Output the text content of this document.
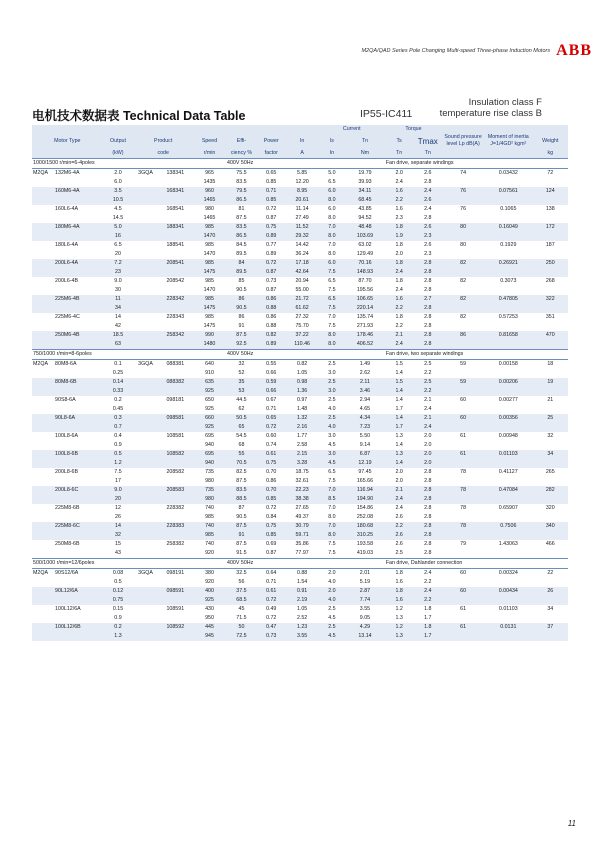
M2QA/QAD Series Pole Changing Multi-speed Three-phase Induction Motors ABB
电机技术数据表 Technical Data Table	IP55-IC411
Insulation class F
temperature rise class B
									Current		Torque				
Motor Type		Output	Product		Speed	Effi-	Power	In	Is	Tn	Ts	Tmax	Sound pressure level Lp dB(A)	Moment of inertia J=1/4GD² kgm²	Weight
		(kW)	code		r/min	ciency %	factor	A	In	Nm	Tn	Tn			kg
1000/1500 r/min=6-4poles						400V 50Hz					Fan drive, separate windings				
M2QA	132M6-4A	2.0	3GQA	138341	965	75.5	0.65	5.85	5.0	19.79	2.0	2.6	74	0.03432	72
		6.0			1435	83.5	0.85	12.20	6.5	39.93	2.4	2.8			
	160M6-4A	3.5		168341	960	79.5	0.71	8.95	6.0	34.11	1.6	2.4	76	0.07561	124
		10.5			1465	86.5	0.85	20.61	8.0	68.45	2.2	2.6			
	160L6-4A	4.5		168541	980	81	0.72	11.14	6.0	43.85	1.6	2.4	76	0.1065	138
		14.5			1465	87.5	0.87	27.49	8.0	94.52	2.3	2.8			
	180M6-4A	5.0		188341	985	83.5	0.75	11.52	7.0	48.48	1.8	2.6	80	0.16049	172
		16			1470	86.5	0.89	29.32	8.0	103.69	1.9	2.3			
	180L6-4A	6.5		188541	985	84.5	0.77	14.42	7.0	63.02	1.8	2.6	80	0.1929	187
		20			1470	89.5	0.89	36.24	8.0	129.49	2.0	2.3			
	200L6-4A	7.2		208541	985	84	0.72	17.18	6.0	70.16	1.8	2.8	82	0.26921	250
		23			1475	89.5	0.87	42.64	7.5	148.93	2.4	2.8			
	200L6-4B	9.0		208542	985	85	0.73	20.94	6.5	87.70	1.8	2.8	82	0.3073	268
		30			1470	90.5	0.87	55.00	7.5	195.56	2.4	2.8			
	225M6-4B	11		228342	985	86	0.86	21.72	6.5	106.65	1.6	2.7	82	0.47805	322
		34			1475	90.5	0.88	61.62	7.5	220.14	2.2	2.8			
	225M6-4C	14		228343	985	86	0.86	27.32	7.0	135.74	1.8	2.8	82	0.57253	351
		42			1475	91	0.88	75.70	7.5	271.93	2.2	2.8			
	250M6-4B	18.5		258342	990	87.5	0.82	37.22	8.0	178.46	2.1	2.8	86	0.81658	470
		63			1480	92.5	0.89	110.46	8.0	406.52	2.4	2.8			
750/1000 r/min=8-6poles						400V 50Hz					Fan drive, two separate windings				
M2QA	80M8-6A	0.1	3GQA	088381	640	32	0.55	0.82	2.5	1.49	1.5	2.5	59	0.00158	18
		0.25			910	52	0.66	1.05	3.0	2.62	1.4	2.2			
	80M8-6B	0.14		088382	635	35	0.59	0.98	2.5	2.11	1.5	2.5	59	0.00206	19
		0.33			925	53	0.66	1.36	3.0	3.46	1.4	2.2			
	90S8-6A	0.2		098181	650	44.5	0.67	0.97	2.5	2.94	1.4	2.1	60	0.00277	21
		0.45			925	62	0.71	1.48	4.0	4.65	1.7	2.4			
	90L8-6A	0.3		098581	660	50.5	0.65	1.32	2.5	4.34	1.4	2.1	60	0.00356	25
		0.7			925	65	0.72	2.16	4.0	7.23	1.7	2.4			
	100L8-6A	0.4		108581	695	54.5	0.60	1.77	3.0	5.50	1.3	2.0	61	0.00948	32
		0.9			940	68	0.74	2.58	4.5	9.14	1.4	2.0			
	100L8-6B	0.5		108582	695	55	0.61	2.15	3.0	6.87	1.3	2.0	61	0.01103	34
		1.2			940	70.5	0.75	3.28	4.5	12.19	1.4	2.0			
	200L8-6B	7.5		208582	735	82.5	0.70	18.75	6.5	97.45	2.0	2.8	78	0.41127	265
		17			980	87.5	0.86	32.61	7.5	165.66	2.0	2.8			
	200L8-6C	9.0		208583	735	83.5	0.70	22.23	7.0	116.94	2.1	2.8	78	0.47084	282
		20			980	88.5	0.85	38.38	8.5	194.90	2.4	2.8			
	225M8-6B	12		228382	740	87	0.72	27.65	7.0	154.86	2.4	2.8	78	0.65907	320
		26			985	90.5	0.84	49.37	8.0	252.08	2.6	2.8			
	225M8-6C	14		228383	740	87.5	0.75	30.79	7.0	180.68	2.2	2.8	78	0.7506	340
		32			985	91	0.85	59.71	8.0	310.25	2.6	2.8			
	250M8-6B	15		258382	740	87.5	0.69	35.86	7.5	193.58	2.6	2.8	79	1.43063	466
		43			920	91.5	0.87	77.97	7.5	419.03	2.5	2.8			
500/1000 r/min=12/6poles						400V 50Hz					Fan drive, Dahlander connection				
M2QA	90S12/6A	0.08	3GQA	098191	380	32.5	0.64	0.88	2.0	2.01	1.8	2.4	60	0.00324	22
		0.5			920	56	0.71	1.54	4.0	5.19	1.6	2.2			
	90L12/6A	0.12		098591	400	37.5	0.61	0.91	2.0	2.87	1.8	2.4	60	0.00434	26
		0.75			925	68.5	0.72	2.19	4.0	7.74	1.6	2.2			
	100L12/6A	0.15		108591	430	45	0.49	1.05	2.5	3.55	1.2	1.8	61	0.01103	34
		0.9			950	71.5	0.72	2.52	4.5	9.05	1.3	1.7			
	100L12/6B	0.2		108592	445	50	0.47	1.23	2.5	4.29	1.2	1.8	61	0.0131	37
		1.3			945	72.5	0.73	3.55	4.5	13.14	1.3	1.7			
11
